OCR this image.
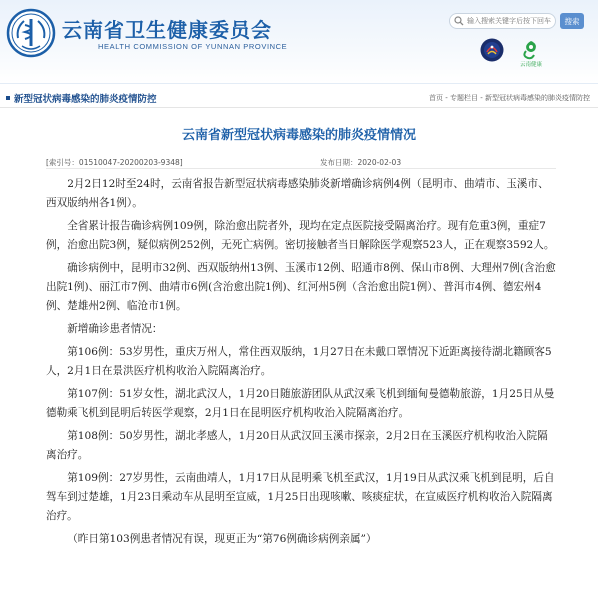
云南省卫生健康委员会
HEALTH COMMISSION OF YUNNAN PROVINCE
输入搜索关键字后按下回车
搜索
云南健康
新型冠状病毒感染的肺炎疫情防控	首页 - 专题栏目 - 新型冠状病毒感染的肺炎疫情防控
云南省新型冠状病毒感染的肺炎疫情情况
[索引号：01510047-20200203-9348]	发布日期：2020-02-03

2月2日12时至24时，云南省报告新型冠状病毒感染肺炎新增确诊病例4例（昆明市、曲靖市、玉溪市、西双版纳州各1例）。

全省累计报告确诊病例109例，除治愈出院者外，现均在定点医院接受隔离治疗。现有危重3例，重症7例，治愈出院3例，疑似病例252例，无死亡病例。密切接触者当日解除医学观察523人，正在观察3592人。

确诊病例中，昆明市32例、西双版纳州13例、玉溪市12例、昭通市8例、保山市8例、大理州7例(含治愈出院1例)、丽江市7例、曲靖市6例(含治愈出院1例)、红河州5例（含治愈出院1例）、普洱市4例、德宏州4例、楚雄州2例、临沧市1例。

新增确诊患者情况：

第106例：53岁男性，重庆万州人，常住西双版纳，1月27日在未戴口罩情况下近距离接待湖北籍顾客5人，2月1日在景洪医疗机构收治入院隔离治疗。

第107例：51岁女性，湖北武汉人，1月20日随旅游团队从武汉乘飞机到缅甸曼德勒旅游，1月25日从曼德勒乘飞机到昆明后转医学观察，2月1日在昆明医疗机构收治入院隔离治疗。

第108例：50岁男性，湖北孝感人，1月20日从武汉回玉溪市探亲，2月2日在玉溪医疗机构收治入院隔离治疗。

第109例：27岁男性，云南曲靖人，1月17日从昆明乘飞机至武汉，1月19日从武汉乘飞机到昆明，后自驾车到过楚雄，1月23日乘动车从昆明至宣威，1月25日出现咳嗽、咳痰症状，在宣威医疗机构收治入院隔离治疗。

（昨日第103例患者情况有误，现更正为“第76例确诊病例亲属”）
